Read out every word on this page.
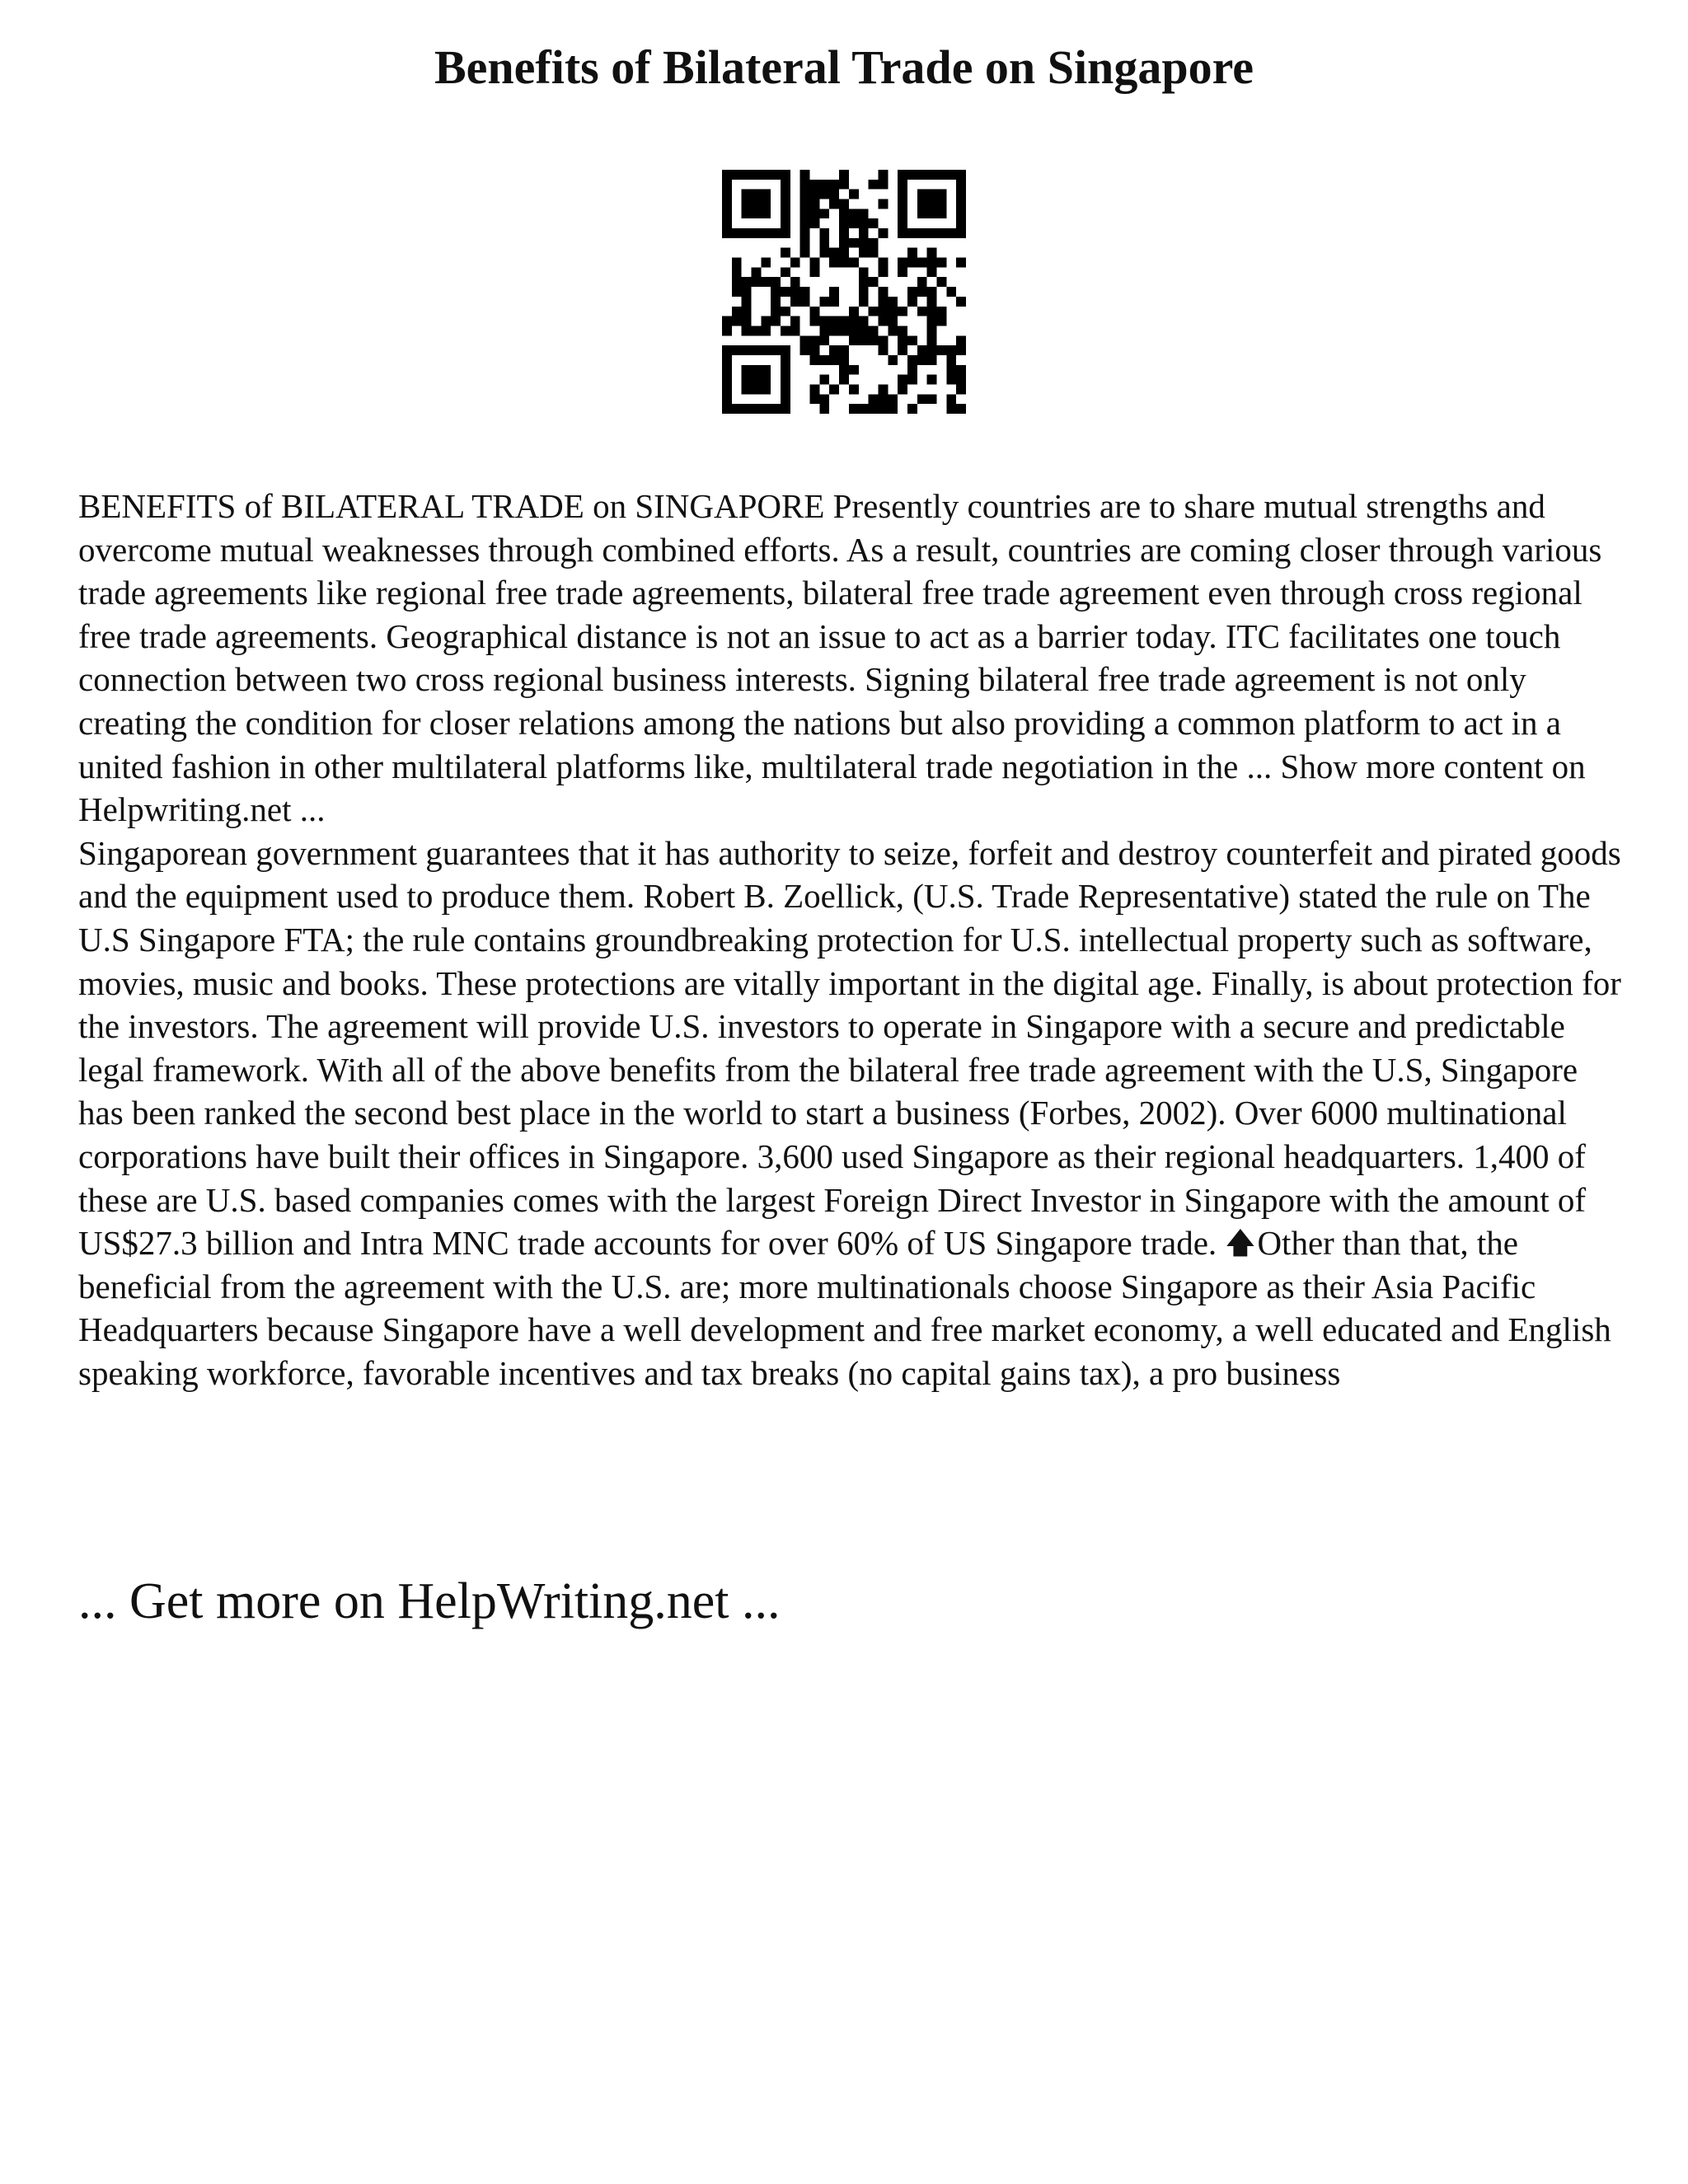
Benefits of Bilateral Trade on Singapore

BENEFITS of BILATERAL TRADE on SINGAPORE Presently countries are to share mutual strengths and overcome mutual weaknesses through combined efforts. As a result, countries are coming closer through various trade agreements like regional free trade agreements, bilateral free trade agreement even through cross regional free trade agreements. Geographical distance is not an issue to act as a barrier today. ITC facilitates one touch connection between two cross regional business interests. Signing bilateral free trade agreement is not only creating the condition for closer relations among the nations but also providing a common platform to act in a united fashion in other multilateral platforms like, multilateral trade negotiation in the ... Show more content on Helpwriting.net ...

Singaporean government guarantees that it has authority to seize, forfeit and destroy counterfeit and pirated goods and the equipment used to produce them. Robert B. Zoellick, (U.S. Trade Representative) stated the rule on The U.S Singapore FTA; the rule contains groundbreaking protection for U.S. intellectual property such as software, movies, music and books. These protections are vitally important in the digital age. Finally, is about protection for the investors. The agreement will provide U.S. investors to operate in Singapore with a secure and predictable legal framework. With all of the above benefits from the bilateral free trade agreement with the U.S, Singapore has been ranked the second best place in the world to start a business (Forbes, 2002). Over 6000 multinational corporations have built their offices in Singapore. 3,600 used Singapore as their regional headquarters. 1,400 of these are U.S. based companies comes with the largest Foreign Direct Investor in Singapore with the amount of US$27.3 billion and Intra MNC trade accounts for over 60% of US Singapore trade. 🡅Other than that, the beneficial from the agreement with the U.S. are; more multinationals choose Singapore as their Asia Pacific Headquarters because Singapore have a well development and free market economy, a well educated and English speaking workforce, favorable incentives and tax breaks (no capital gains tax), a pro business

... Get more on HelpWriting.net ...
